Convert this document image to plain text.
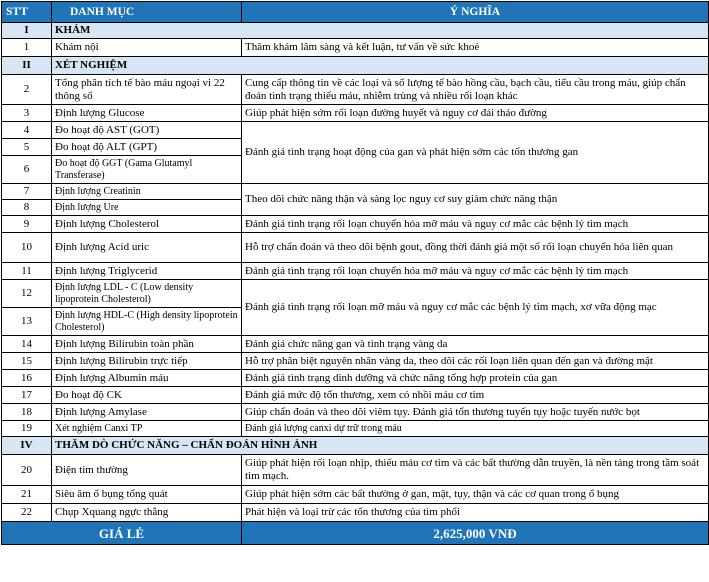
STT	DANH MỤC	Ý NGHĨA
I	KHÁM	
1	Khám nội	Thăm khám lâm sàng và kết luận, tư vấn về sức khoẻ
II	XÉT NGHIỆM	
2	Tổng phân tích tế bào máu ngoại vi 22 thông số	Cung cấp thông tin về các loại và số lượng tế bào hồng cầu, bạch cầu, tiểu cầu trong máu, giúp chẩn đoán tình trạng thiếu máu, nhiễm trùng và nhiều rối loạn khác
3	Định lượng Glucose	Giúp phát hiện sớm rối loạn đường huyết và nguy cơ đái tháo đường
4	Đo hoạt độ AST (GOT)	Đánh giá tình trạng hoạt động của gan và phát hiện sớm các tổn thương gan
5	Đo hoạt độ ALT (GPT)	
6	Đo hoạt độ GGT (Gama Glutamyl Transferase)	
7	Định lượng Creatinin	Theo dõi chức năng thận và sàng lọc nguy cơ suy giảm chức năng thận
8	Định lượng Ure	
9	Định lượng Cholesterol	Đánh giá tình trạng rối loạn chuyển hóa mỡ máu và nguy cơ mắc các bệnh lý tim mạch
10	Định lượng Acid uric	Hỗ trợ chẩn đoán và theo dõi bệnh gout, đồng thời đánh giá một số rối loạn chuyển hóa liên quan
11	Định lượng Triglycerid	Đánh giá tình trạng rối loạn chuyển hóa mỡ máu và nguy cơ mắc các bệnh lý tim mạch
12	Định lượng LDL - C (Low density lipoprotein Cholesterol)	Đánh giá tình trạng rối loạn mỡ máu và nguy cơ mắc các bệnh lý tim mạch, xơ vữa động mạc
13	Định lượng HDL-C (High density lipoprotein Cholesterol)	
14	Định lượng Bilirubin toàn phần	Đánh giá chức năng gan và tình trạng vàng da
15	Định lượng Bilirubin trực tiếp	Hỗ trợ phân biệt nguyên nhân vàng da, theo dõi các rối loạn liên quan đến gan và đường mật
16	Định lượng Albumin máu	Đánh giá tình trạng dinh dưỡng và chức năng tổng hợp protein của gan
17	Đo hoạt độ CK	Đánh giá mức độ tổn thương, xem có nhồi máu cơ tim
18	Định lượng Amylase	Giúp chẩn đoán và theo dõi viêm tụy. Đánh giá tổn thương tuyến tụy hoặc tuyến nước bọt
19	Xét nghiệm Canxi TP	Đánh giá lượng canxi dự trữ trong máu
IV	THĂM DÒ CHỨC NĂNG – CHẨN ĐOÁN HÌNH ẢNH	
20	Điện tim thường	Giúp phát hiện rối loạn nhịp, thiếu máu cơ tim và các bất thường dẫn truyền, là nền tảng trong tầm soát tim mạch.
21	Siêu âm ổ bụng tổng quát	Giúp phát hiện sớm các bất thường ở gan, mật, tụy, thận và các cơ quan trong ổ bụng
22	Chụp Xquang ngực thẳng	Phát hiện và loại trừ các tổn thương của tim phổi
GIÁ LẺ		2,625,000 VNĐ
